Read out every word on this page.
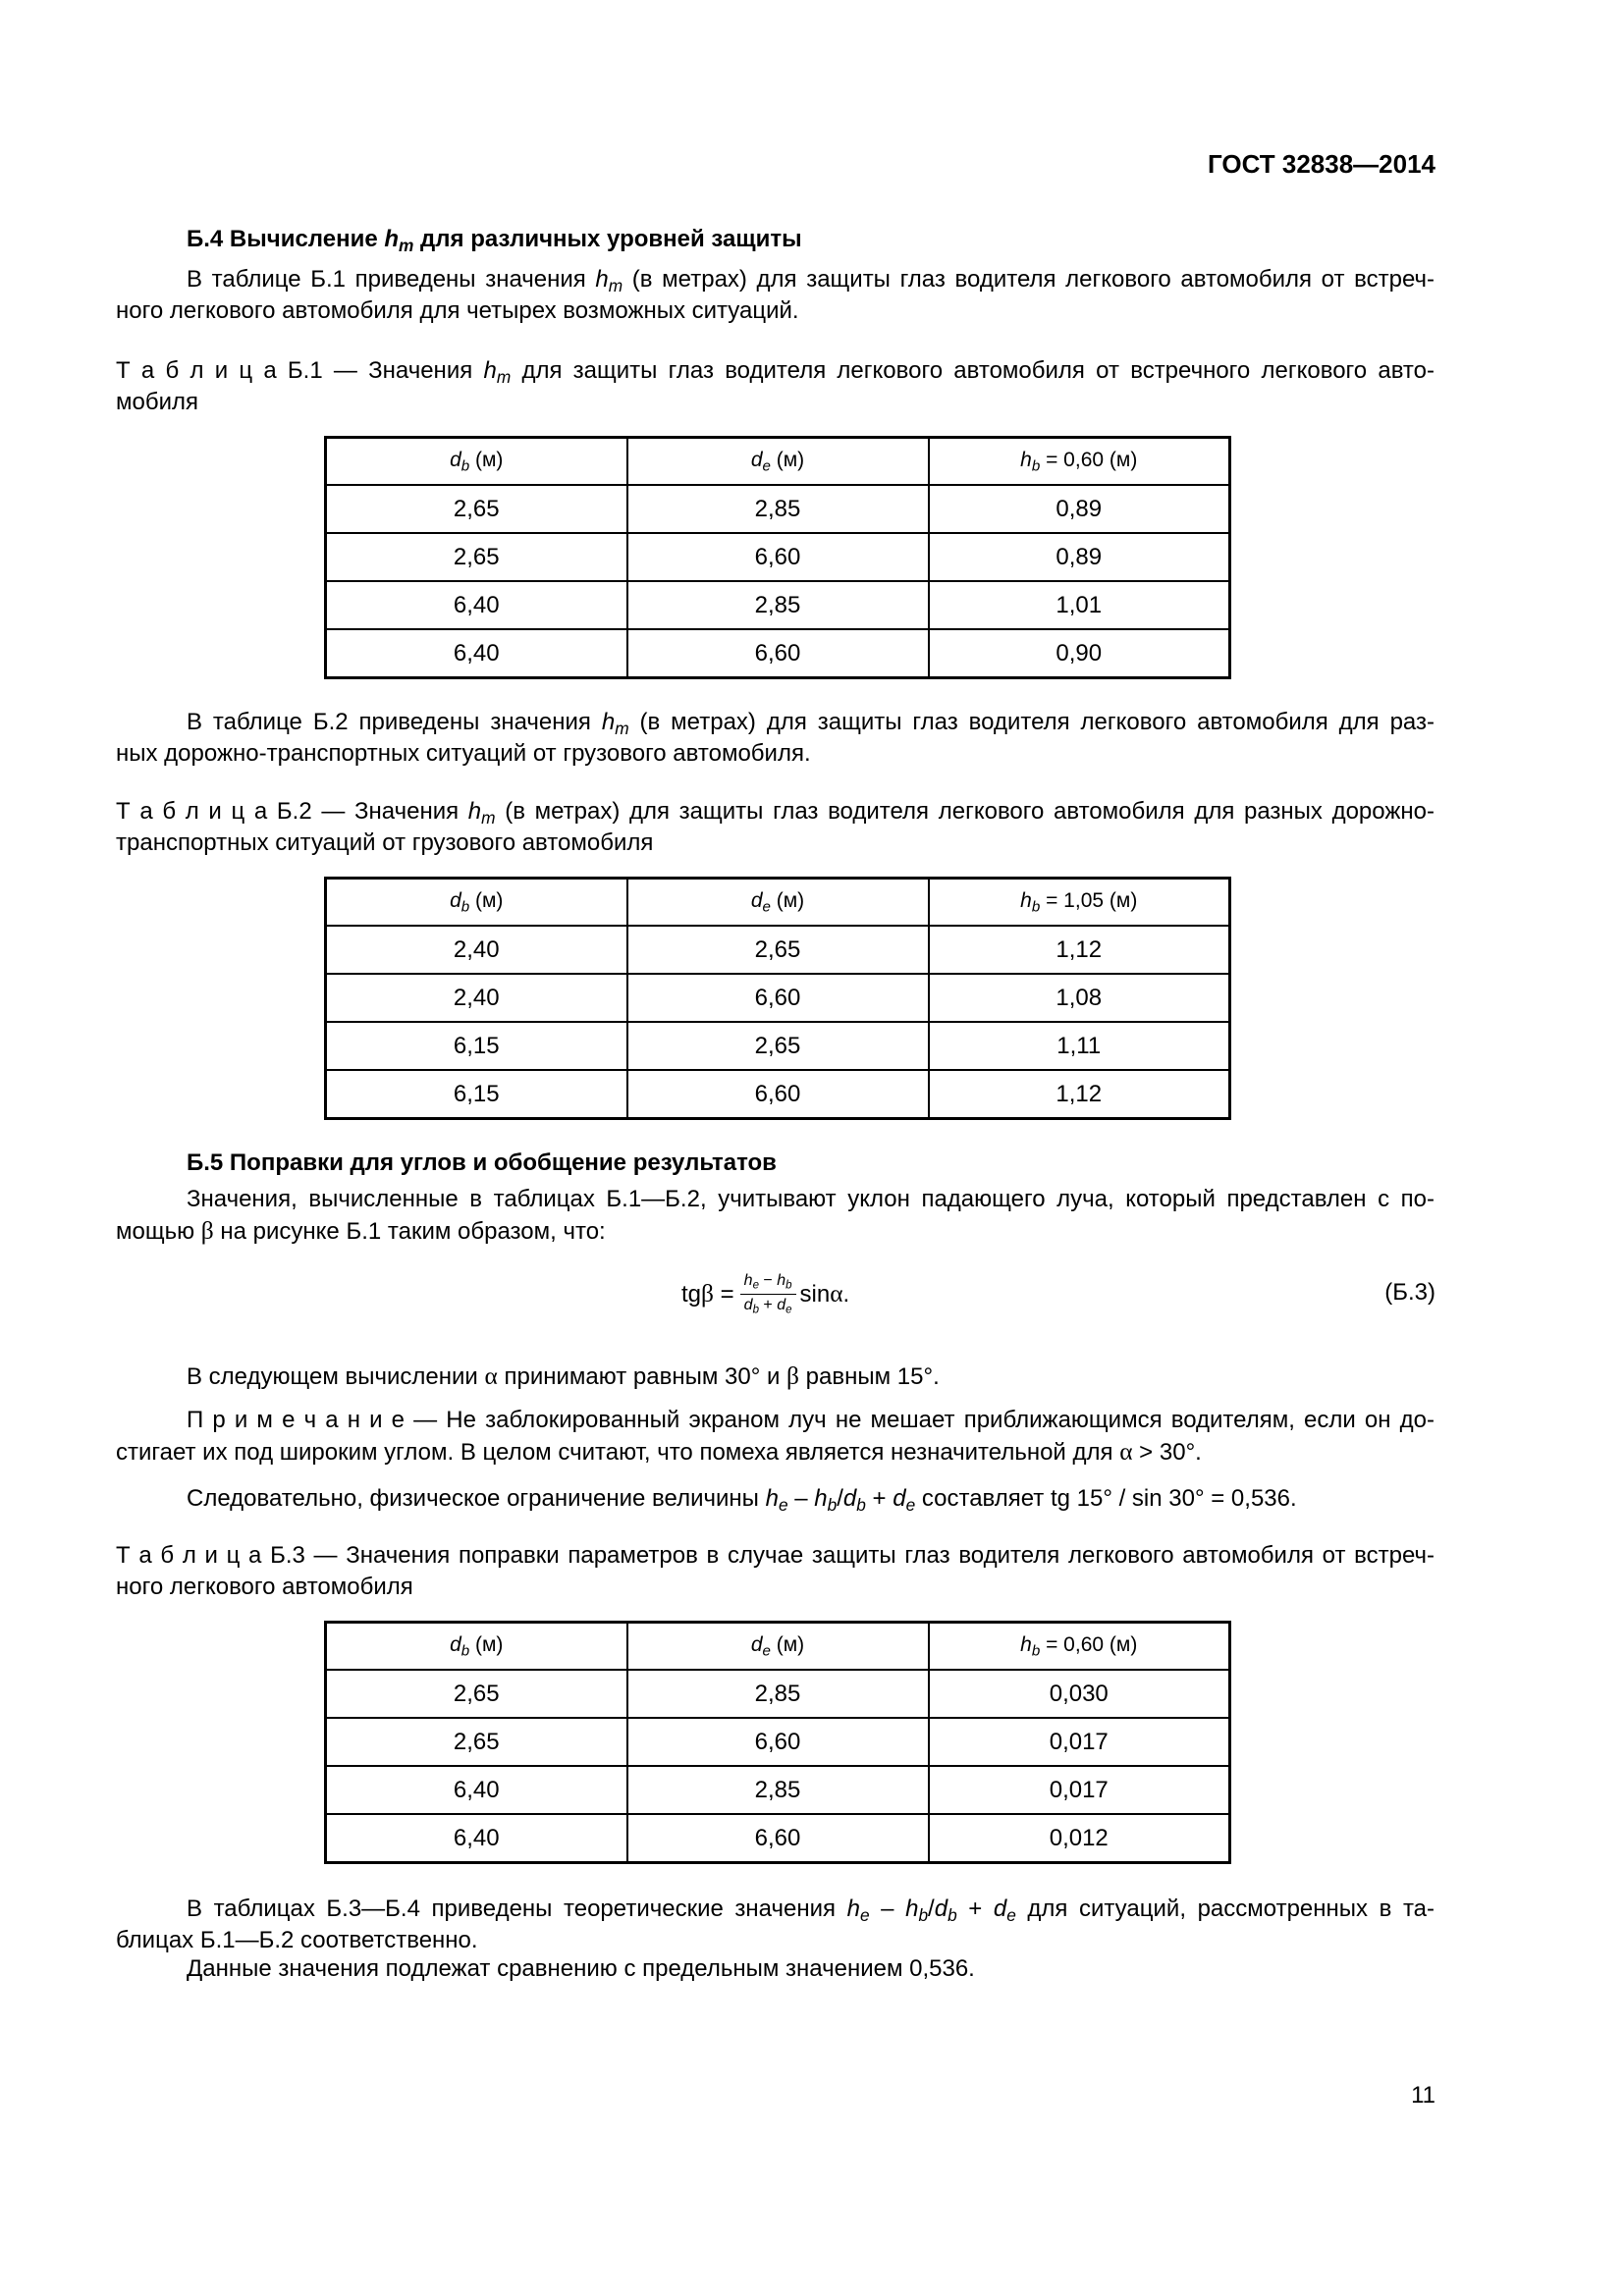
ГОСТ 32838—2014
Б.4 Вычисление $h_m$ для различных уровней защиты
В таблице Б.1 приведены значения $h_m$ (в метрах) для защиты глаз водителя легкового автомобиля от встреч-
ного легкового автомобиля для четырех возможных ситуаций.
Т а б л и ц а Б.1 — Значения $h_m$ для защиты глаз водителя легкового автомобиля от встречного легкового авто-
мобиля
$d_b$ (м)	$d_e$ (м)	$h_b = 0,60$ (м)
2,65	2,85	0,89
2,65	6,60	0,89
6,40	2,85	1,01
6,40	6,60	0,90
В таблице Б.2 приведены значения $h_m$ (в метрах) для защиты глаз водителя легкового автомобиля для раз-
ных дорожно-транспортных ситуаций от грузового автомобиля.
Т а б л и ц а Б.2 — Значения $h_m$ (в метрах) для защиты глаз водителя легкового автомобиля для разных дорожно-
транспортных ситуаций от грузового автомобиля
$d_b$ (м)	$d_e$ (м)	$h_b = 1,05$ (м)
2,40	2,65	1,12
2,40	6,60	1,08
6,15	2,65	1,11
6,15	6,60	1,12
Б.5 Поправки для углов и обобщение результатов
Значения, вычисленные в таблицах Б.1—Б.2, учитывают уклон падающего луча, который представлен с по-
мощью β на рисунке Б.1 таким образом, что:
$tg\beta = \frac{h_e - h_b}{d_b + d_e} \sin\alpha$.	(Б.3)
В следующем вычислении α принимают равным 30° и β равным 15°.
П р и м е ч а н и е — Не заблокированный экраном луч не мешает приближающимся водителям, если он до-
стигает их под широким углом. В целом считают, что помеха является незначительной для α > 30°.
Следовательно, физическое ограничение величины $h_e - h_b/d_b + d_e$ составляет tg 15° / sin 30° = 0,536.
Т а б л и ц а Б.3 — Значения поправки параметров в случае защиты глаз водителя легкового автомобиля от встреч-
ного легкового автомобиля
$d_b$ (м)	$d_e$ (м)	$h_b = 0,60$ (м)
2,65	2,85	0,030
2,65	6,60	0,017
6,40	2,85	0,017
6,40	6,60	0,012
В таблицах Б.3—Б.4 приведены теоретические значения $h_e - h_b/d_b + d_e$ для ситуаций, рассмотренных в та-
блицах Б.1—Б.2 соответственно.
Данные значения подлежат сравнению с предельным значением 0,536.
11
